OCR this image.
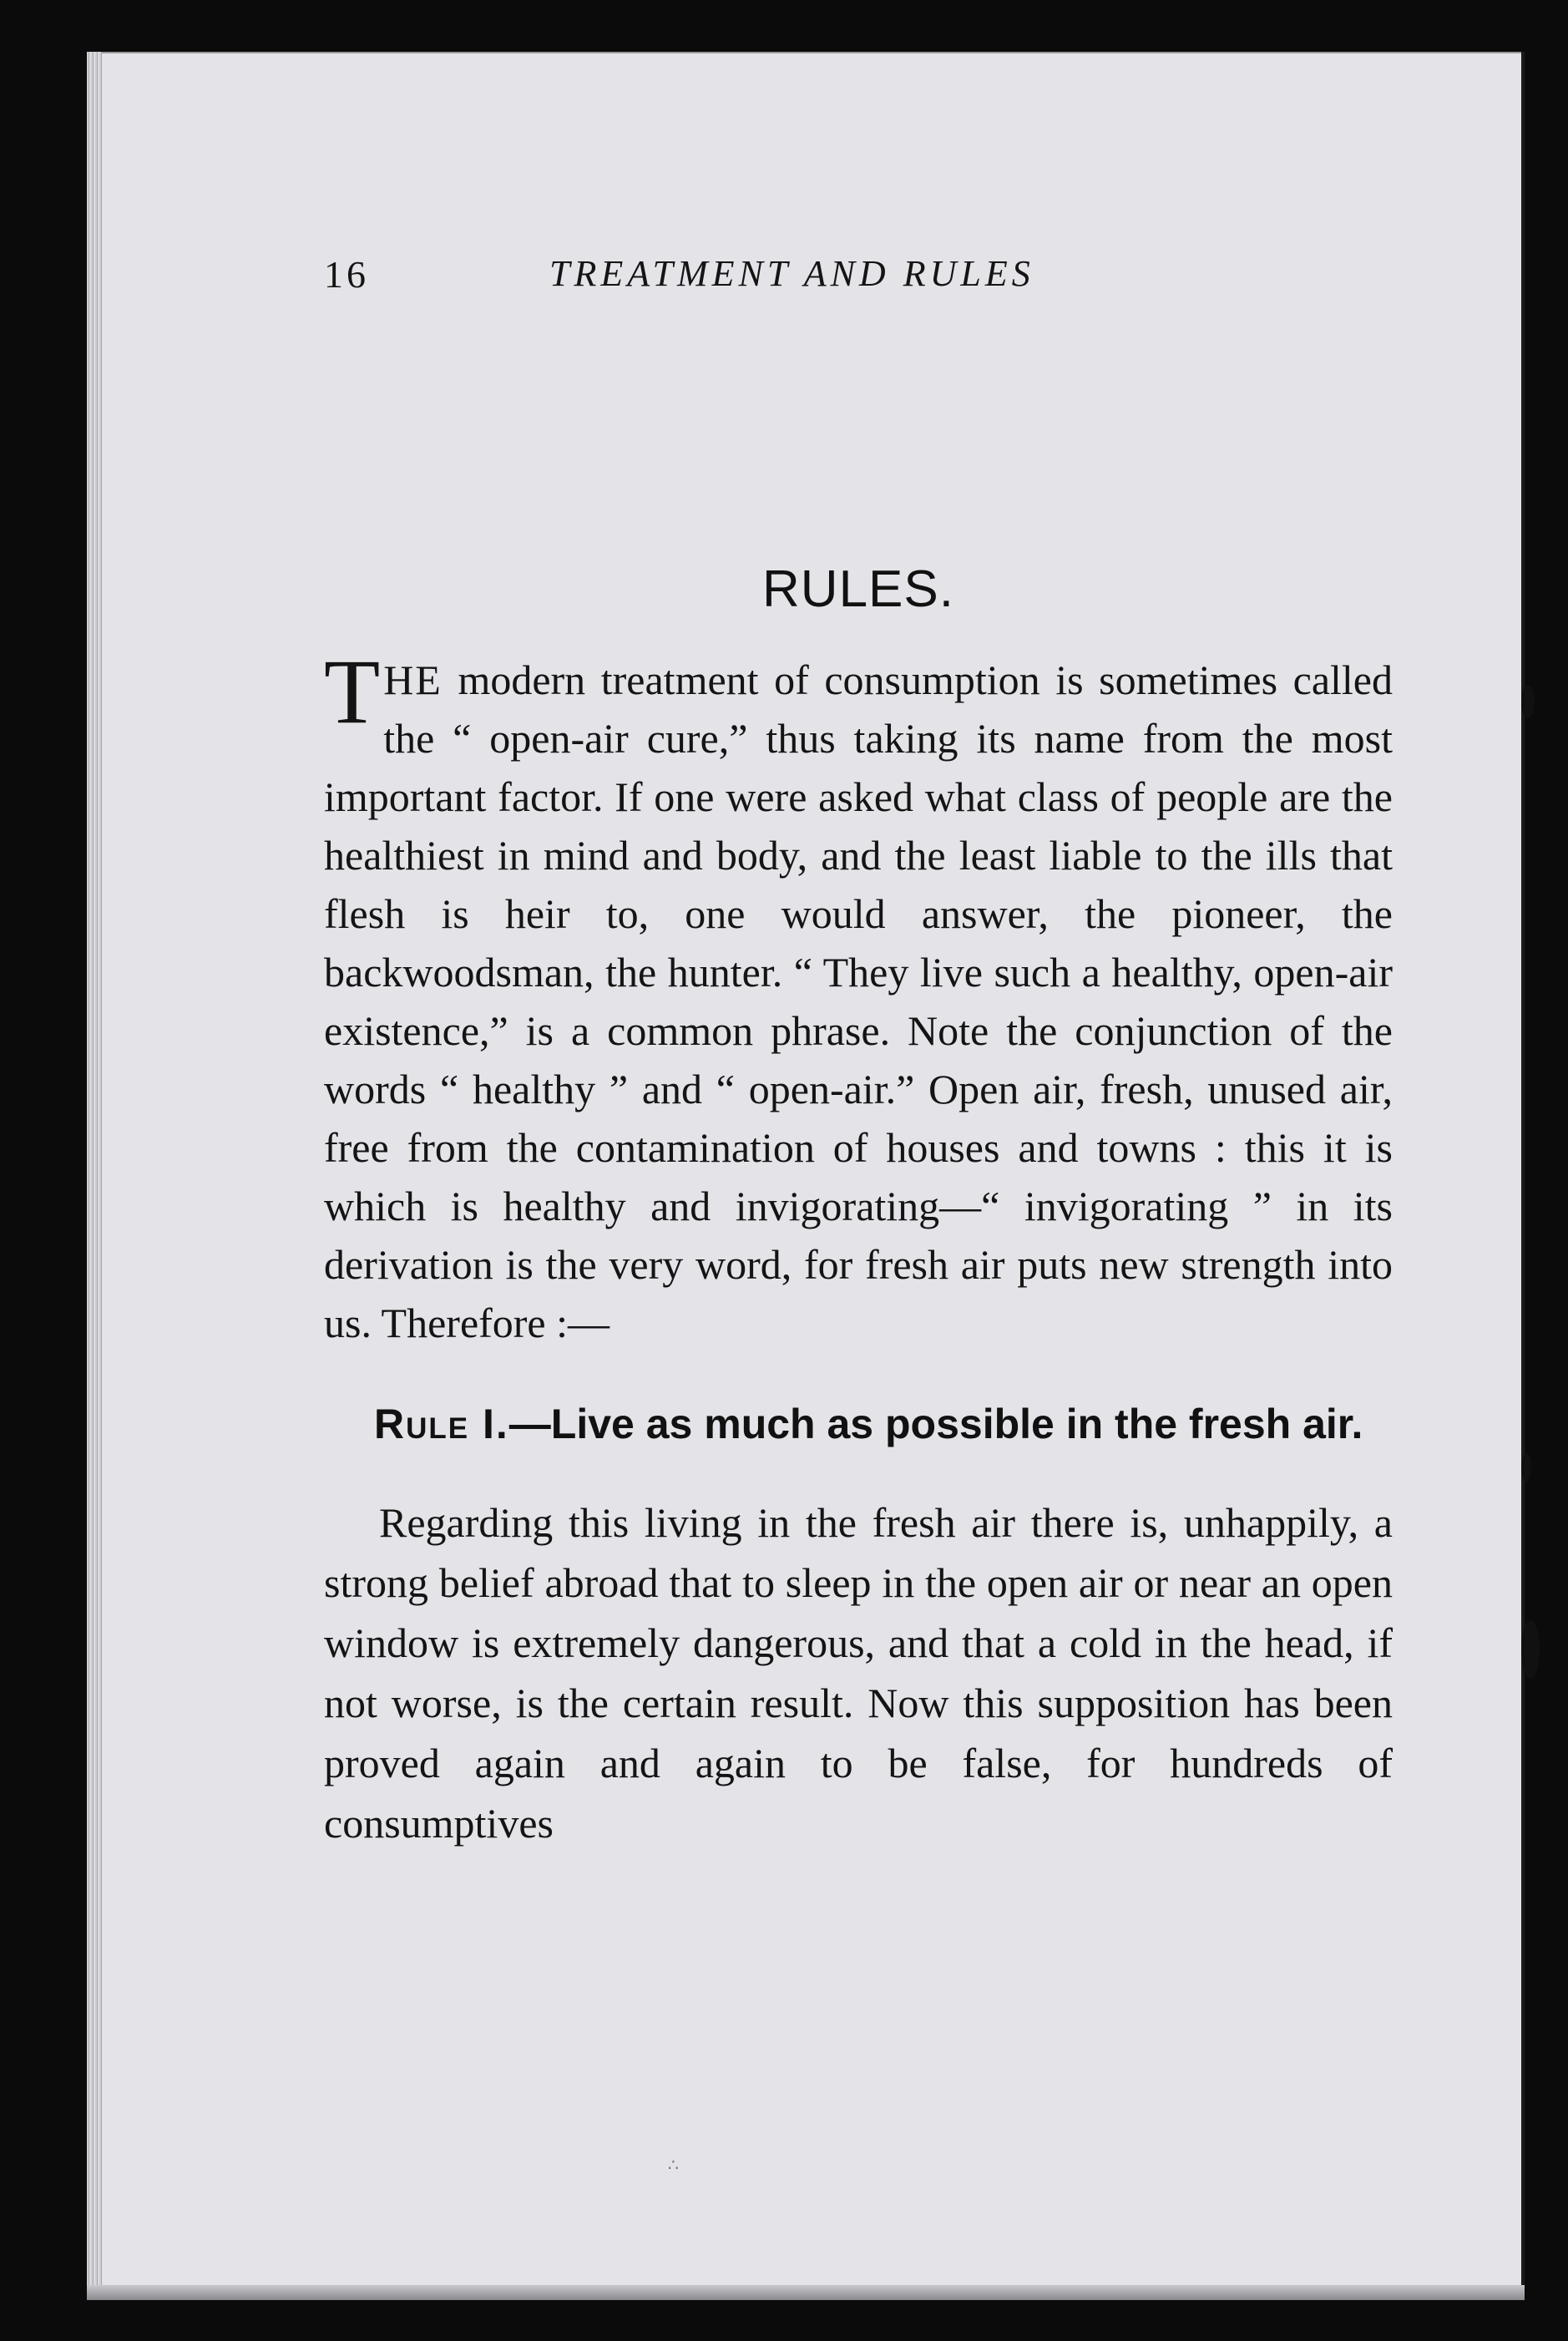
16	TREATMENT AND RULES
RULES.

THE modern treatment of consumption is sometimes called the “ open-air cure,” thus taking its name from the most important factor. If one were asked what class of people are the healthiest in mind and body, and the least liable to the ills that flesh is heir to, one would answer, the pioneer, the backwoodsman, the hunter. “ They live such a healthy, open-air existence,” is a common phrase. Note the conjunction of the words “ healthy ” and “ open-air.” Open air, fresh, unused air, free from the contamination of houses and towns : this it is which is healthy and invigorating—“ invigorating ” in its derivation is the very word, for fresh air puts new strength into us. Therefore :—

Rule I.—Live as much as possible in the fresh air.

Regarding this living in the fresh air there is, unhappily, a strong belief abroad that to sleep in the open air or near an open window is extremely dangerous, and that a cold in the head, if not worse, is the certain result. Now this supposition has been proved again and again to be false, for hundreds of consumptives

∴
